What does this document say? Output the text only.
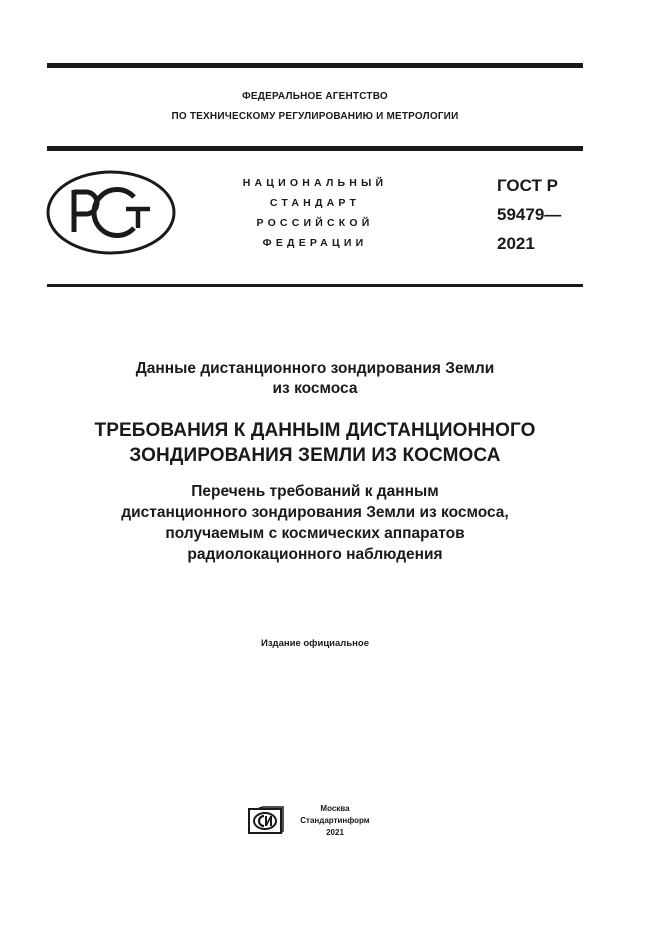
ФЕДЕРАЛЬНОЕ АГЕНТСТВО
ПО ТЕХНИЧЕСКОМУ РЕГУЛИРОВАНИЮ И МЕТРОЛОГИИ
НАЦИОНАЛЬНЫЙ
СТАНДАРТ
РОССИЙСКОЙ
ФЕДЕРАЦИИ
ГОСТ Р
59479—
2021
Данные дистанционного зондирования Земли
из космоса
ТРЕБОВАНИЯ К ДАННЫМ ДИСТАНЦИОННОГО
ЗОНДИРОВАНИЯ ЗЕМЛИ ИЗ КОСМОСА
Перечень требований к данным
дистанционного зондирования Земли из космоса,
получаемым с космических аппаратов
радиолокационного наблюдения
Издание официальное
Москва
Стандартинформ
2021
